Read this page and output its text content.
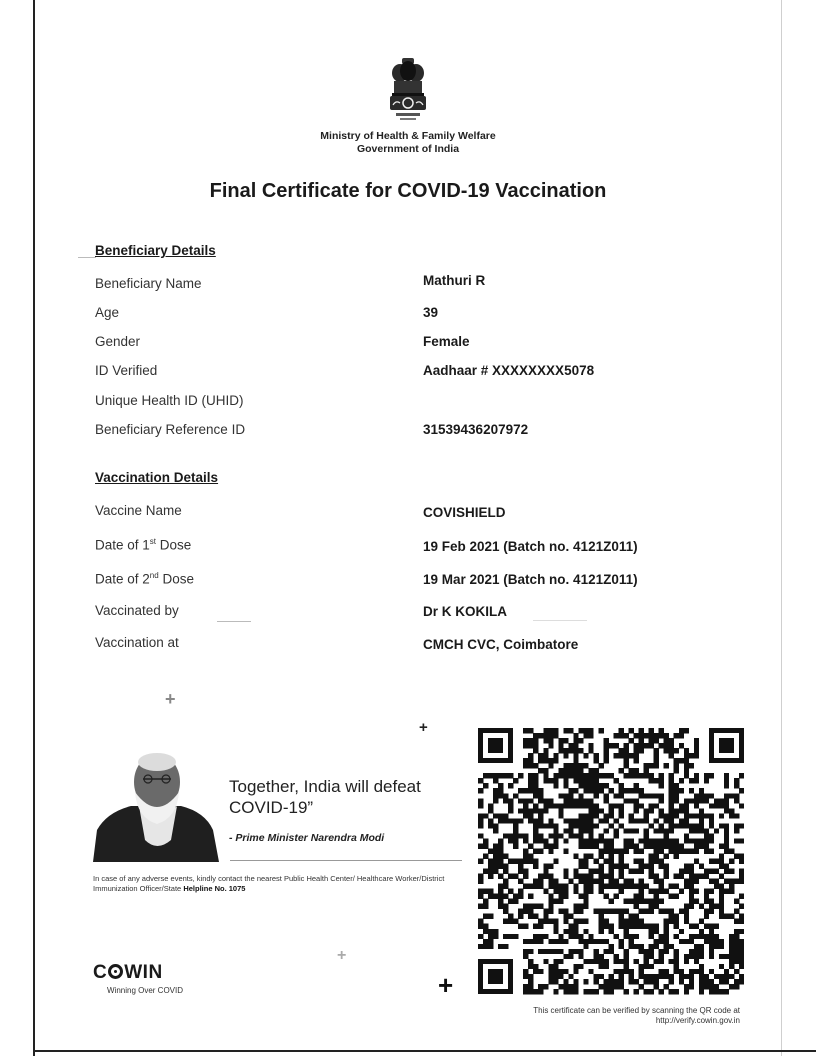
Ministry of Health & Family Welfare
Government of India
Final Certificate for COVID-19 Vaccination
Beneficiary Details
Beneficiary Name	Mathuri R
Age	39
Gender	Female
ID Verified	Aadhaar # XXXXXXXX5078
Unique Health ID (UHID)
Beneficiary Reference ID	31539436207972
Vaccination Details
Vaccine Name	COVISHIELD
Date of 1st Dose	19 Feb 2021 (Batch no. 4121Z011)
Date of 2nd Dose	19 Mar 2021 (Batch no. 4121Z011)
Vaccinated by	Dr K KOKILA
Vaccination at	CMCH CVC, Coimbatore
+
+
+
+
Together, India will defeat
COVID-19”
- Prime Minister Narendra Modi
In case of any adverse events, kindly contact the nearest Public Health Center/ Healthcare Worker/District Immunization Officer/State Helpline No. 1075
C WIN
Winning Over COVID
This certificate can be verified by scanning the QR code at
http://verify.cowin.gov.in
